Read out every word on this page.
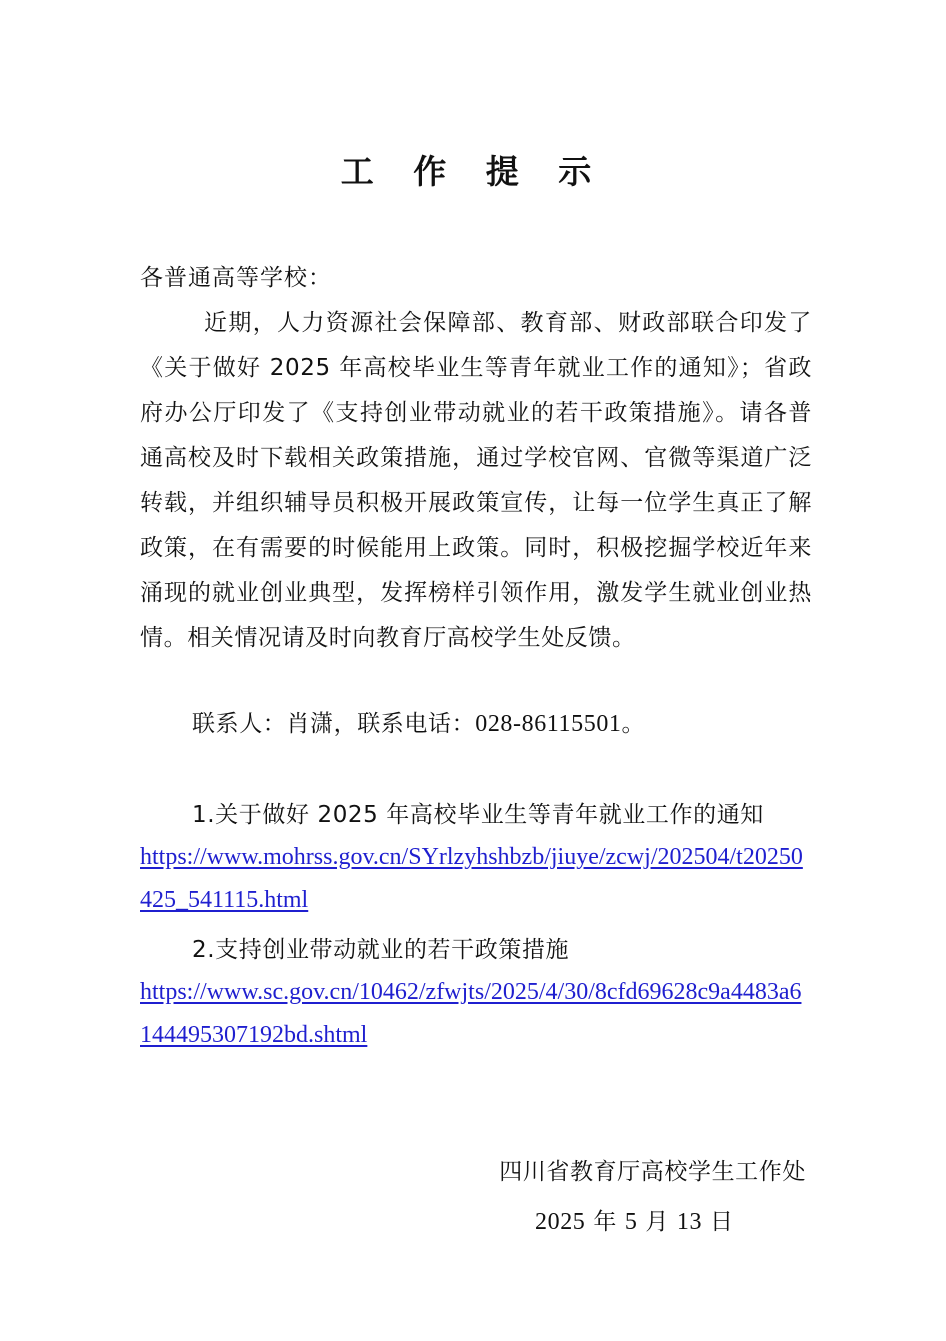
工 作 提 示
各普通高等学校：
近期，人力资源社会保障部、教育部、财政部联合印发了《关于做好 2025 年高校毕业生等青年就业工作的通知》；省政府办公厅印发了《支持创业带动就业的若干政策措施》。请各普通高校及时下载相关政策措施，通过学校官网、官微等渠道广泛转载，并组织辅导员积极开展政策宣传，让每一位学生真正了解政策，在有需要的时候能用上政策。同时，积极挖掘学校近年来涌现的就业创业典型，发挥榜样引领作用，激发学生就业创业热情。相关情况请及时向教育厅高校学生处反馈。
联系人：肖潇，联系电话：028-86115501。
1.关于做好 2025 年高校毕业生等青年就业工作的通知
https://www.mohrss.gov.cn/SYrlzyhshbzb/jiuye/zcwj/202504/t20250425_541115.html
2.支持创业带动就业的若干政策措施
https://www.sc.gov.cn/10462/zfwjts/2025/4/30/8cfd69628c9a4483a6144495307192bd.shtml
四川省教育厅高校学生工作处
2025 年 5 月 13 日
